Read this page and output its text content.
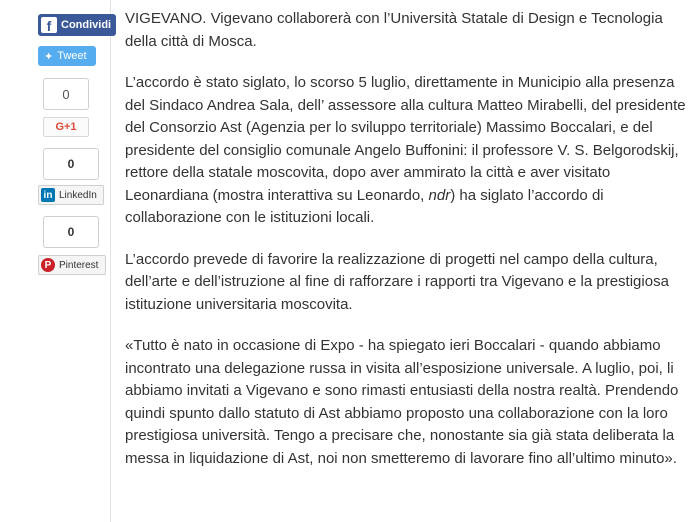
f Condividi
✦ Tweet
0
G+1
0
in LinkedIn
0
P Pinterest

VIGEVANO. Vigevano collaborerà con l’Università Statale di Design e Tecnologia della città di Mosca.

L’accordo è stato siglato, lo scorso 5 luglio, direttamente in Municipio alla presenza del Sindaco Andrea Sala, dell’ assessore alla cultura Matteo Mirabelli, del presidente del Consorzio Ast (Agenzia per lo sviluppo territoriale) Massimo Boccalari, e del presidente del consiglio comunale Angelo Buffonini: il professore V. S. Belgorodskij, rettore della statale moscovita, dopo aver ammirato la città e aver visitato Leonardiana (mostra interattiva su Leonardo, ndr) ha siglato l’accordo di collaborazione con le istituzioni locali.

L’accordo prevede di favorire la realizzazione di progetti nel campo della cultura, dell’arte e dell’istruzione al fine di rafforzare i rapporti tra Vigevano e la prestigiosa istituzione universitaria moscovita.

«Tutto è nato in occasione di Expo - ha spiegato ieri Boccalari - quando abbiamo incontrato una delegazione russa in visita all’esposizione universale. A luglio, poi, li abbiamo invitati a Vigevano e sono rimasti entusiasti della nostra realtà. Prendendo quindi spunto dallo statuto di Ast abbiamo proposto una collaborazione con la loro prestigiosa università. Tengo a precisare che, nonostante sia già stata deliberata la messa in liquidazione di Ast, noi non smetteremo di lavorare fino all’ultimo minuto».
